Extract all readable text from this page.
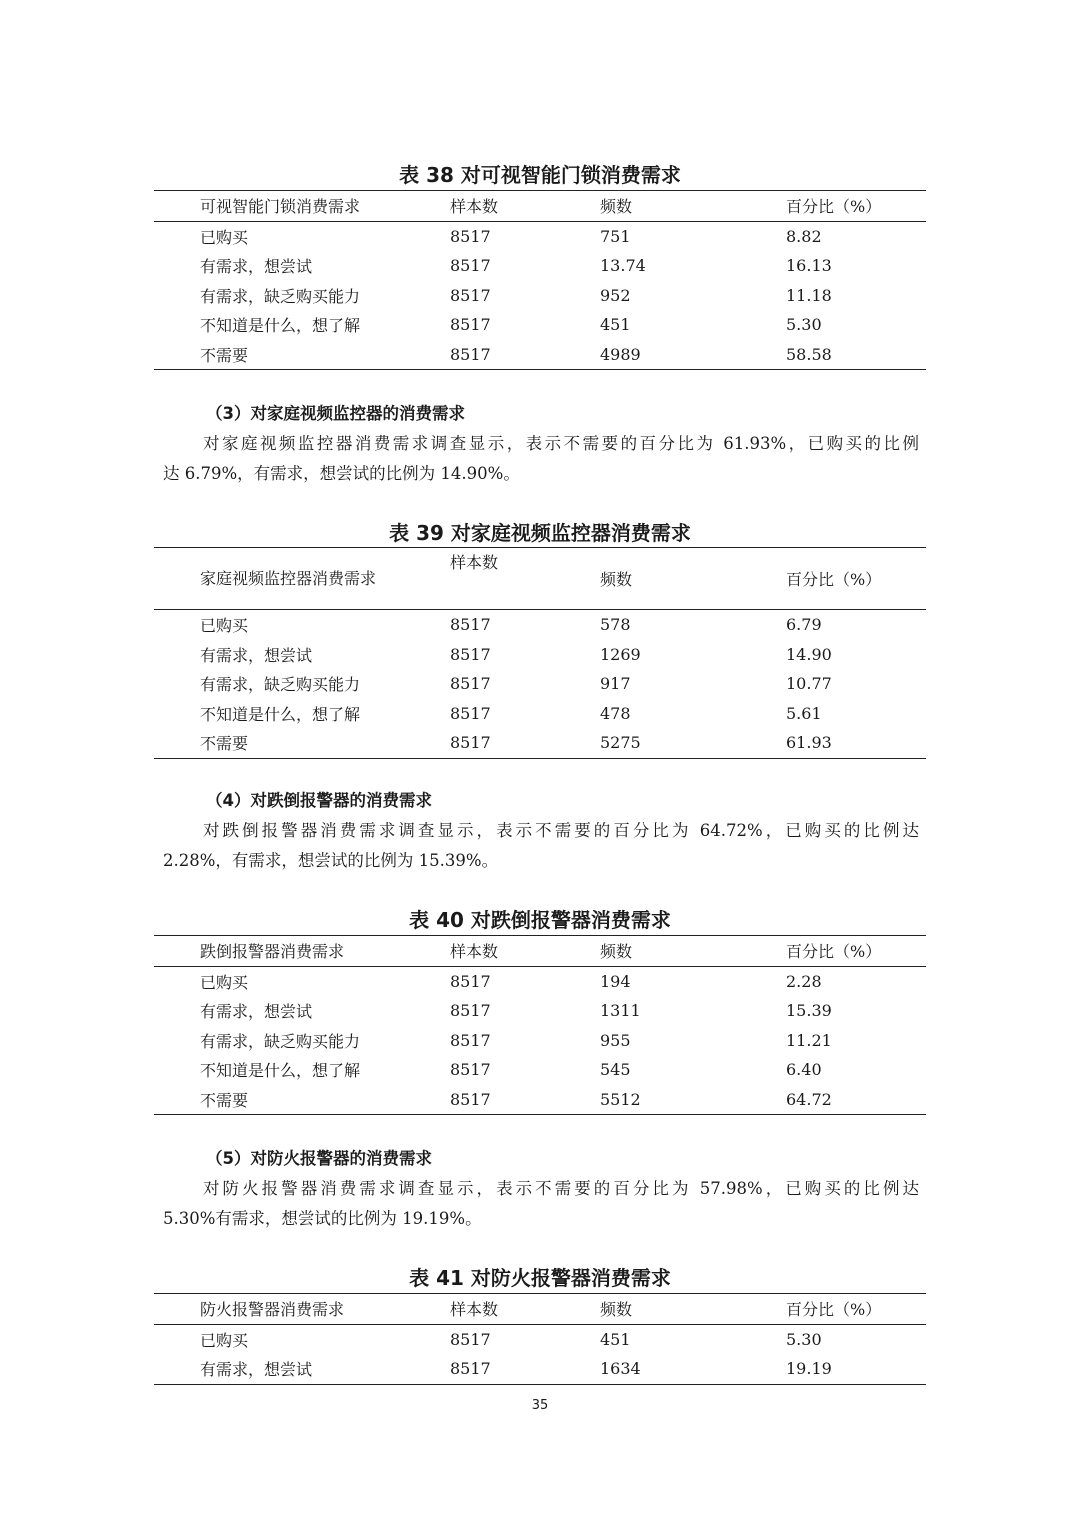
表 38 对可视智能门锁消费需求
可视智能门锁消费需求	样本数	频数	百分比（%）
已购买	8517	751	8.82
有需求，想尝试	8517	13.74	16.13
有需求，缺乏购买能力	8517	952	11.18
不知道是什么，想了解	8517	451	5.30
不需要	8517	4989	58.58
（3）对家庭视频监控器的消费需求
对家庭视频监控器消费需求调查显示，表示不需要的百分比为 61.93%，已购买的比例
达 6.79%，有需求，想尝试的比例为 14.90%。
表 39 对家庭视频监控器消费需求
家庭视频监控器消费需求	样本数	频数	百分比（%）
已购买	8517	578	6.79
有需求，想尝试	8517	1269	14.90
有需求，缺乏购买能力	8517	917	10.77
不知道是什么，想了解	8517	478	5.61
不需要	8517	5275	61.93
（4）对跌倒报警器的消费需求
对跌倒报警器消费需求调查显示，表示不需要的百分比为 64.72%，已购买的比例达
2.28%，有需求，想尝试的比例为 15.39%。
表 40 对跌倒报警器消费需求
跌倒报警器消费需求	样本数	频数	百分比（%）
已购买	8517	194	2.28
有需求，想尝试	8517	1311	15.39
有需求，缺乏购买能力	8517	955	11.21
不知道是什么，想了解	8517	545	6.40
不需要	8517	5512	64.72
（5）对防火报警器的消费需求
对防火报警器消费需求调查显示，表示不需要的百分比为 57.98%，已购买的比例达
5.30%有需求，想尝试的比例为 19.19%。
表 41 对防火报警器消费需求
防火报警器消费需求	样本数	频数	百分比（%）
已购买	8517	451	5.30
有需求，想尝试	8517	1634	19.19
35
